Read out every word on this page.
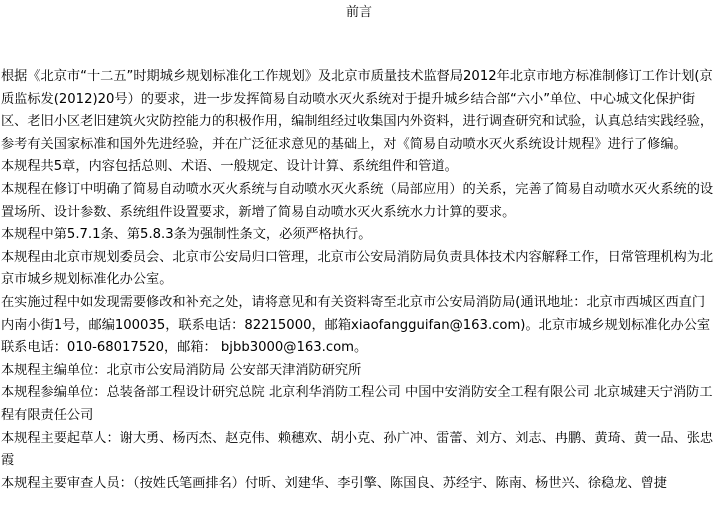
前言

根据《北京市“十二五”时期城乡规划标准化工作规划》及北京市质量技术监督局2012年北京市地方标准制修订工作计划(京质监标发(2012)20号）的要求，进一步发挥简易自动喷水灭火系统对于提升城乡结合部“六小”单位、中心城文化保护街区、老旧小区老旧建筑火灾防控能力的积极作用，编制组经过收集国内外资料，进行调查研究和试验，认真总结实践经验，参考有关国家标准和国外先进经验，并在广泛征求意见的基础上，对《简易自动喷水灭火系统设计规程》进行了修编。

本规程共5章，内容包括总则、术语、一般规定、设计计算、系统组件和管道。

本规程在修订中明确了简易自动喷水灭火系统与自动喷水灭火系统（局部应用）的关系，完善了简易自动喷水灭火系统的设置场所、设计参数、系统组件设置要求，新增了简易自动喷水灭火系统水力计算的要求。

本规程中第5.7.1条、第5.8.3条为强制性条文，必须严格执行。

本规程由北京市规划委员会、北京市公安局归口管理，北京市公安局消防局负责具体技术内容解释工作，日常管理机构为北京市城乡规划标准化办公室。

在实施过程中如发现需要修改和补充之处，请将意见和有关资料寄至北京市公安局消防局(通讯地址：北京市西城区西直门内南小街1号，邮编100035，联系电话：82215000，邮箱xiaofangguifan@163.com)。北京市城乡规划标准化办公室联系电话：010-68017520，邮箱： bjbb3000@163.com。

本规程主编单位：北京市公安局消防局 公安部天津消防研究所

本规程参编单位：总装备部工程设计研究总院 北京利华消防工程公司 中国中安消防安全工程有限公司 北京城建天宁消防工程有限责任公司

本规程主要起草人：谢大勇、杨丙杰、赵克伟、赖穗欢、胡小克、孙广冲、雷蕾、刘方、刘志、冉鹏、黄琦、黄一品、张忠霞

本规程主要审查人员：（按姓氏笔画排名）付昕、刘建华、李引擎、陈国良、苏经宇、陈南、杨世兴、徐稳龙、曾捷
